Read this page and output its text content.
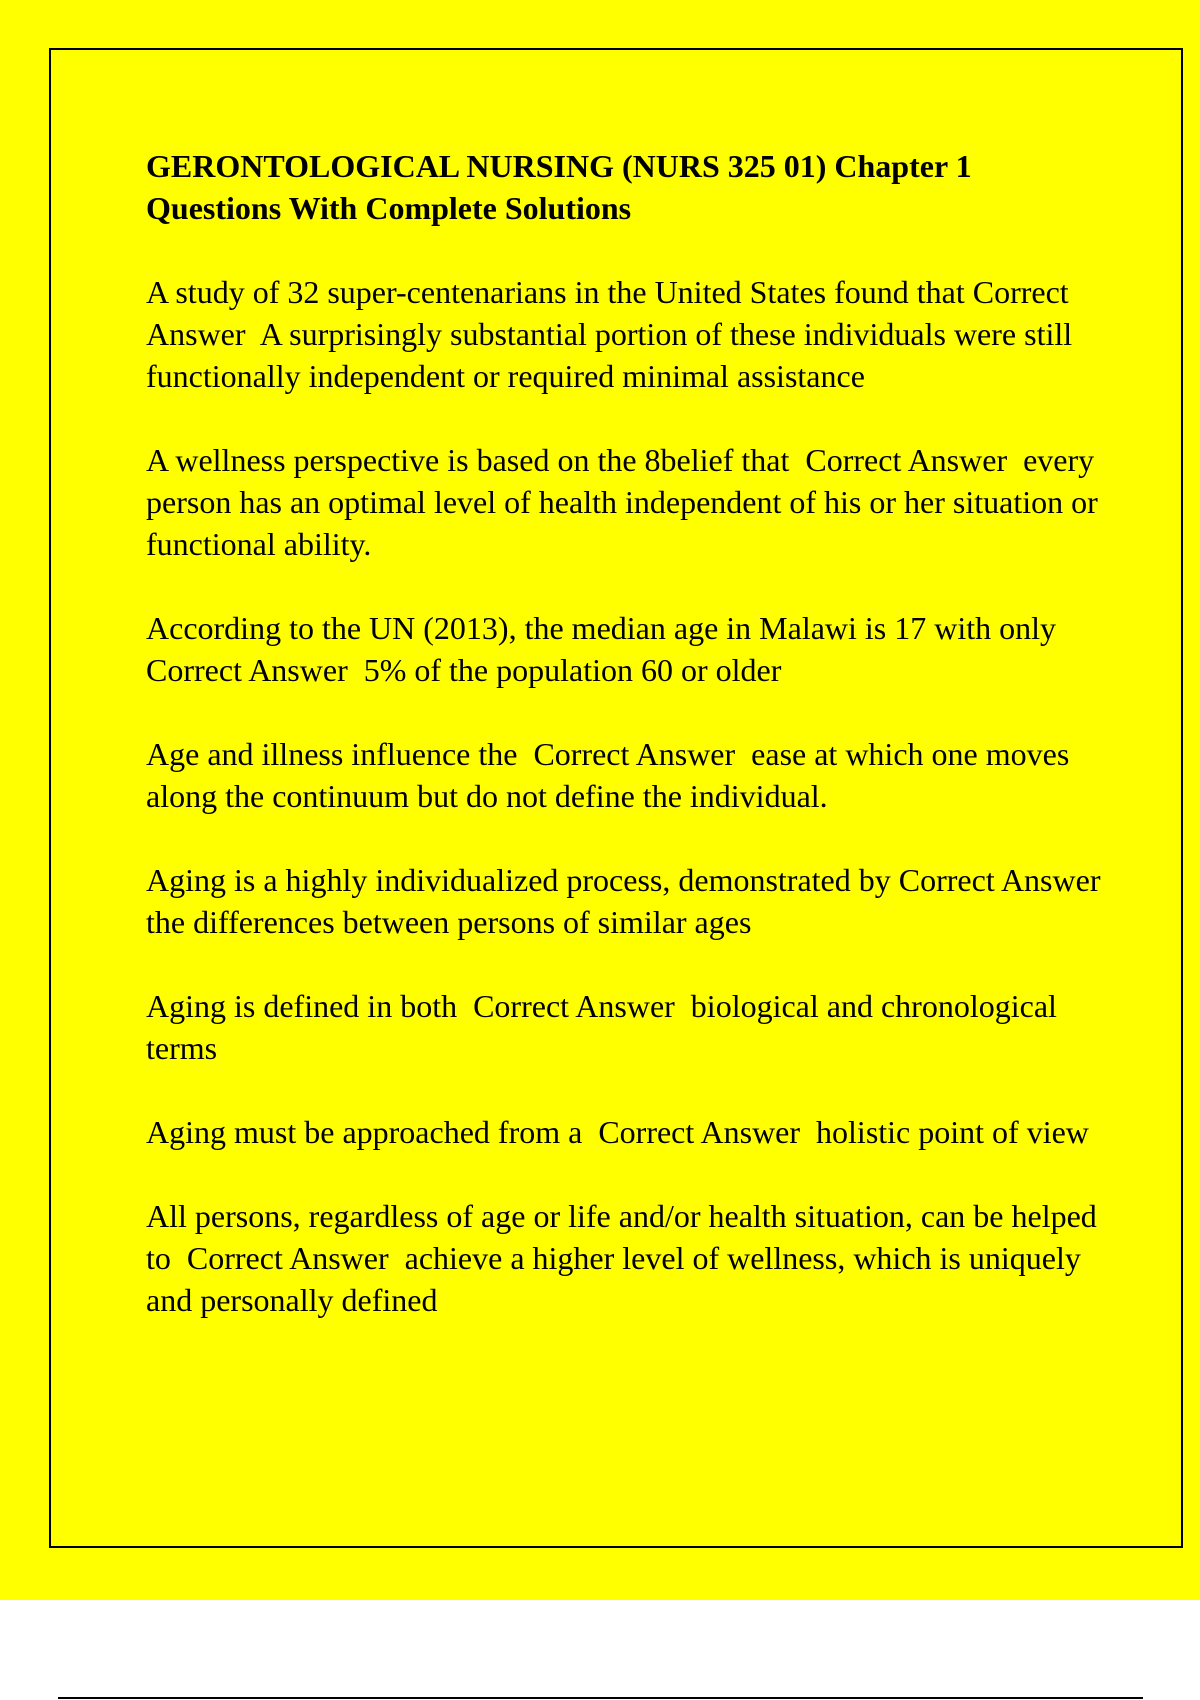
GERONTOLOGICAL NURSING (NURS 325 01) Chapter 1 Questions With Complete Solutions
A study of 32 super-centenarians in the United States found that Correct Answer A surprisingly substantial portion of these individuals were still functionally independent or required minimal assistance
A wellness perspective is based on the 8belief that Correct Answer every person has an optimal level of health independent of his or her situation or functional ability.
According to the UN (2013), the median age in Malawi is 17 with only  Correct Answer 5% of the population 60 or older
Age and illness influence the Correct Answer ease at which one moves along the continuum but do not define the individual.
Aging is a highly individualized process, demonstrated by Correct Answer  the differences between persons of similar ages
Aging is defined in both Correct Answer biological and chronological terms
Aging must be approached from a Correct Answer holistic point of view
All persons, regardless of age or life and/or health situation, can be helped to Correct Answer achieve a higher level of wellness, which is uniquely and personally defined
